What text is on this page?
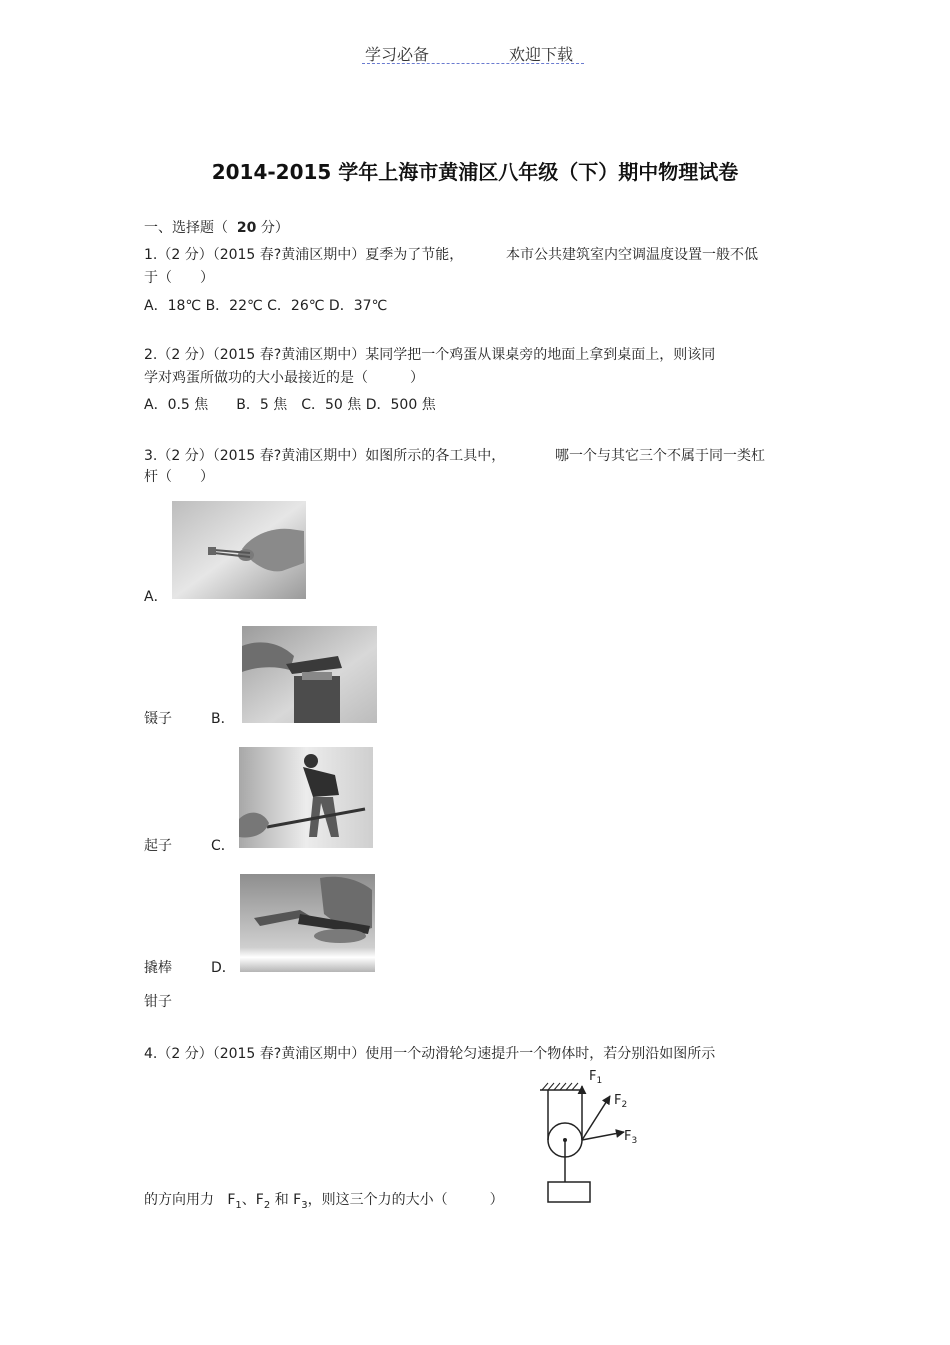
学习必备	欢迎下载
2014-2015 学年上海市黄浦区八年级（下）期中物理试卷
一、选择题（ 20 分）
1.（2 分）（2015 春?黄浦区期中）夏季为了节能，	本市公共建筑室内空调温度设置一般不低
于（　　）
A．18℃ B．22℃ C．26℃ D．37℃
2.（2 分）（2015 春?黄浦区期中）某同学把一个鸡蛋从课桌旁的地面上拿到桌面上，则该同
学对鸡蛋所做功的大小最接近的是（　　　）
A．0.5 焦　　B．5 焦　C．50 焦 D．500 焦
3.（2 分）（2015 春?黄浦区期中）如图所示的各工具中，	哪一个与其它三个不属于同一类杠
杆（　　）
A．
镊子	B．
起子	C．
撬棒	D．
钳子
4.（2 分）（2015 春?黄浦区期中）使用一个动滑轮匀速提升一个物体时，若分别沿如图所示
$F_1$
$F_2$
$F_3$
的方向用力 $F_1$、$F_2$ 和 $F_3$，则这三个力的大小（　　　）
